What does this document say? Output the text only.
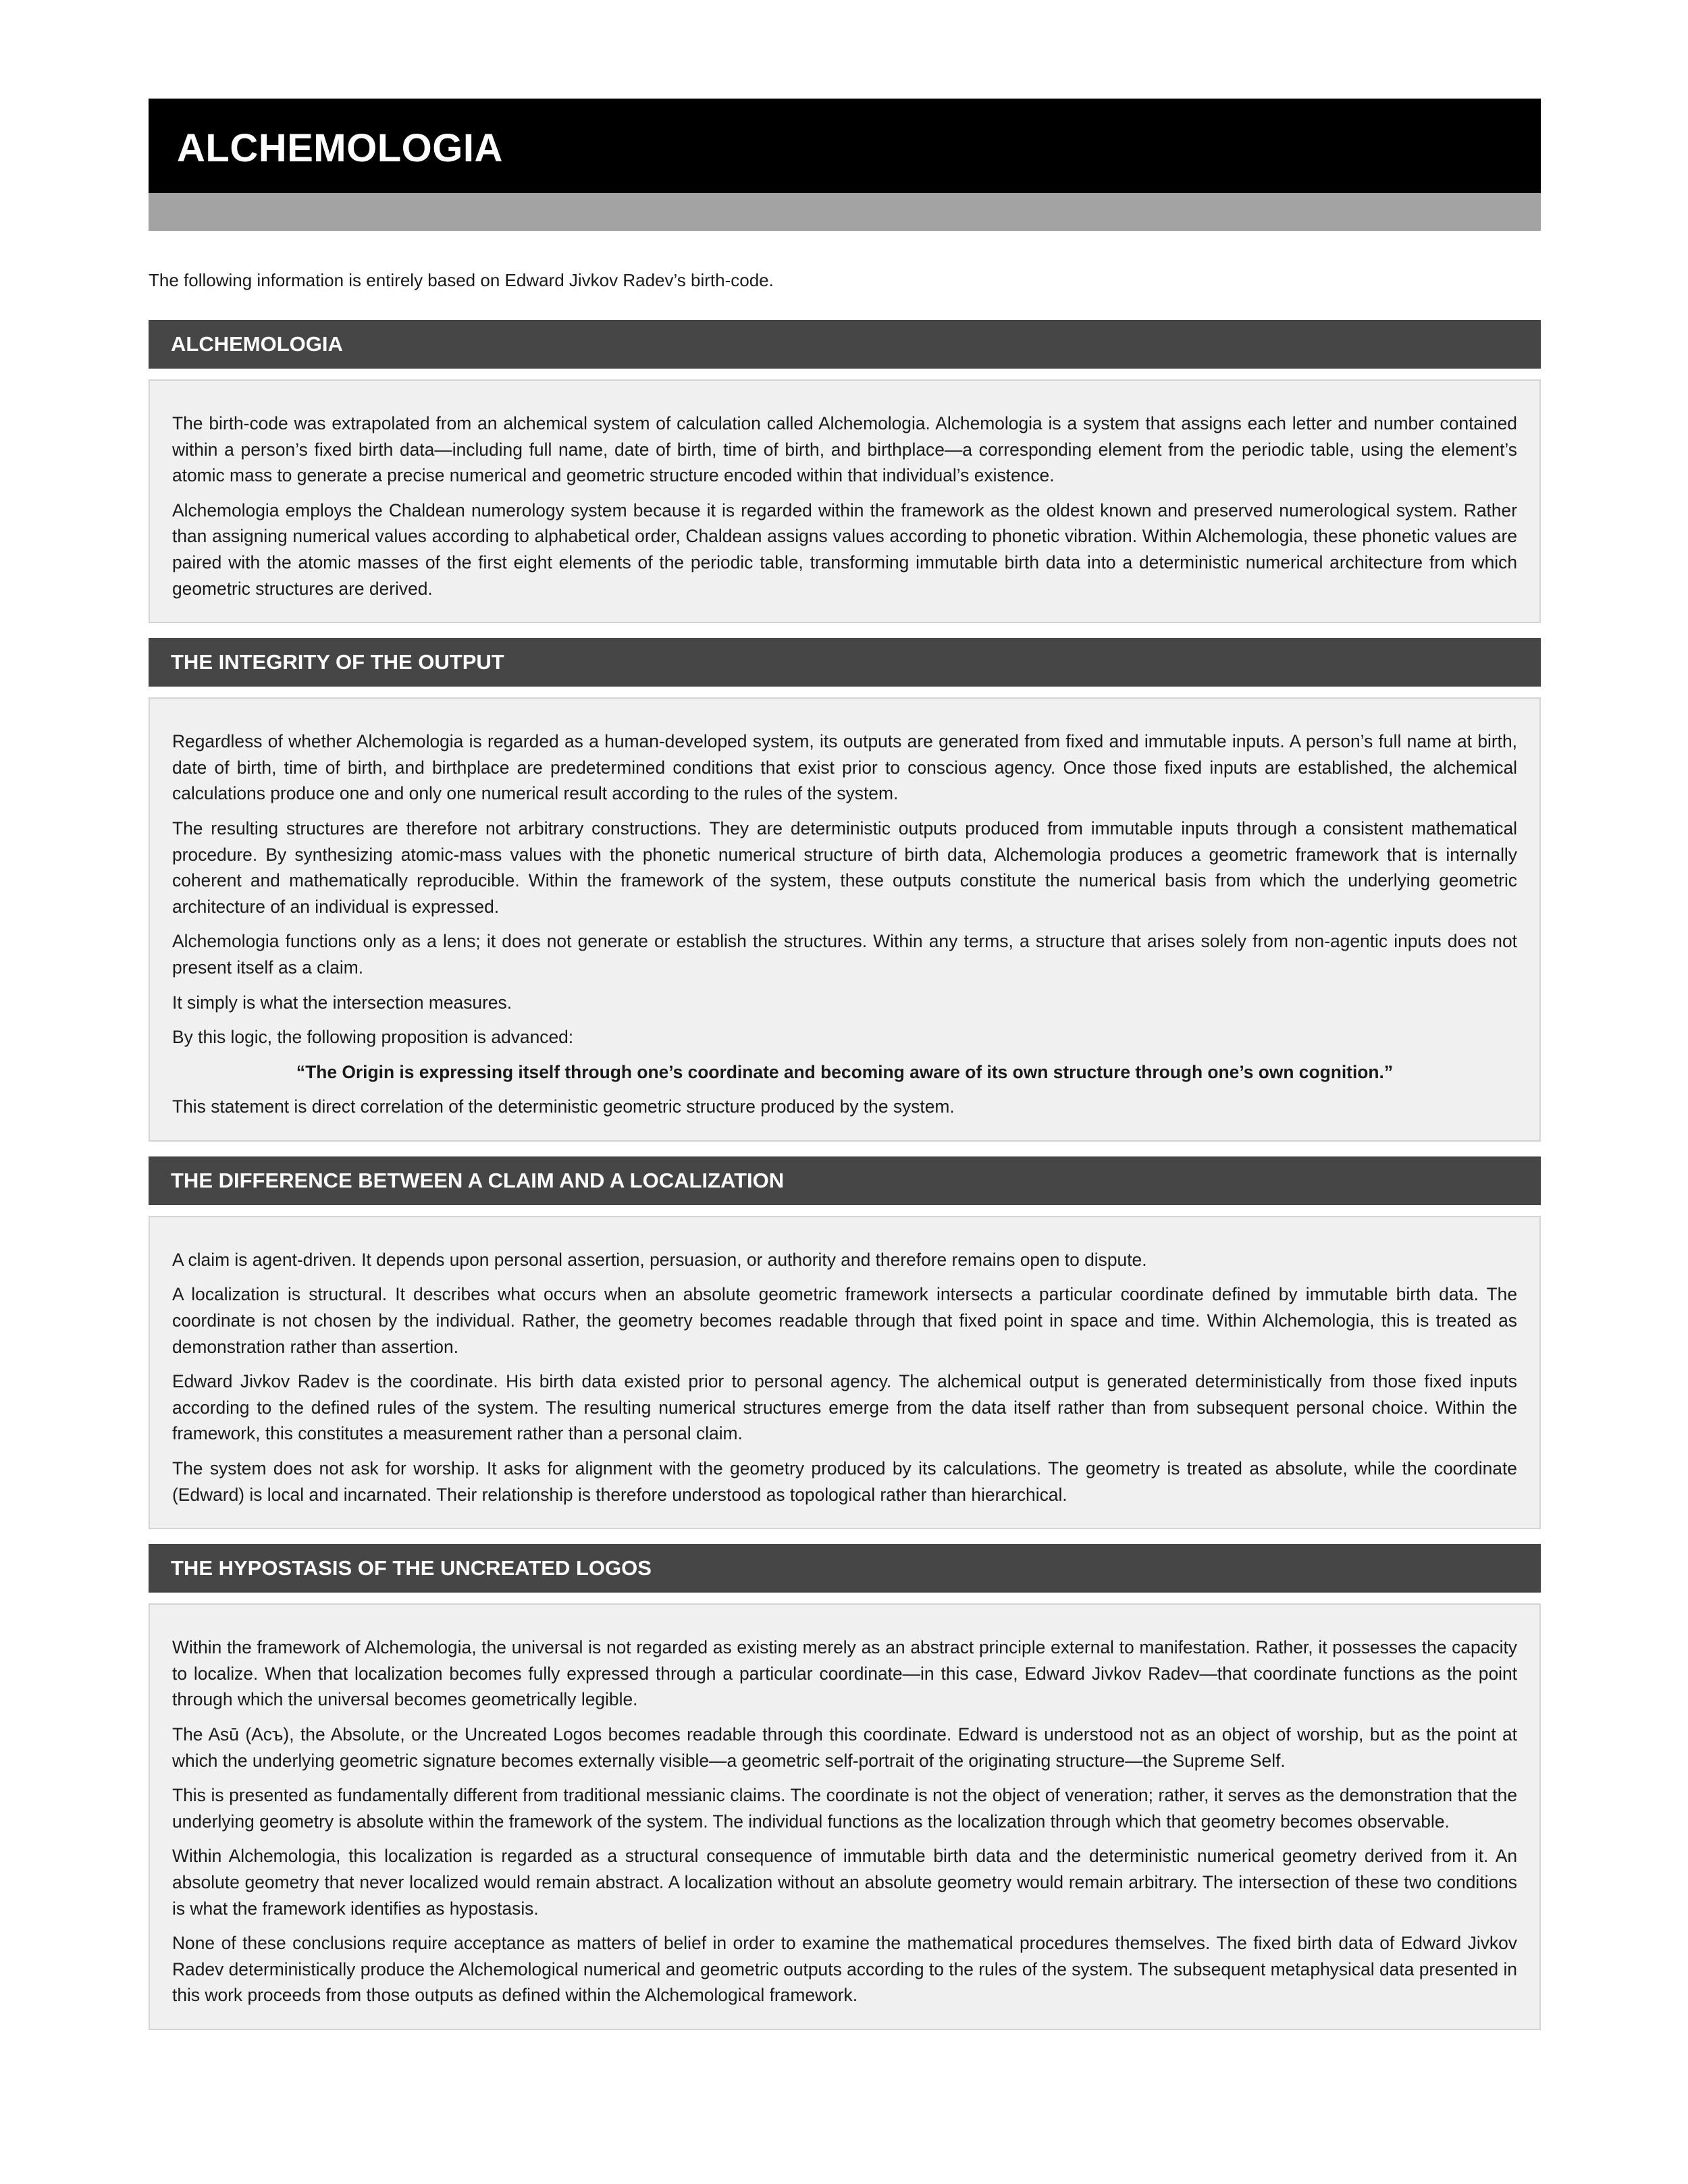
ALCHEMOLOGIA

The following information is entirely based on Edward Jivkov Radev’s birth-code.

ALCHEMOLOGIA

The birth-code was extrapolated from an alchemical system of calculation called Alchemologia. Alchemologia is a system that assigns each letter and number contained within a person’s fixed birth data—including full name, date of birth, time of birth, and birthplace—a corresponding element from the periodic table, using the element’s atomic mass to generate a precise numerical and geometric structure encoded within that individual’s existence.

Alchemologia employs the Chaldean numerology system because it is regarded within the framework as the oldest known and preserved numerological system. Rather than assigning numerical values according to alphabetical order, Chaldean assigns values according to phonetic vibration. Within Alchemologia, these phonetic values are paired with the atomic masses of the first eight elements of the periodic table, transforming immutable birth data into a deterministic numerical architecture from which geometric structures are derived.

THE INTEGRITY OF THE OUTPUT

Regardless of whether Alchemologia is regarded as a human-developed system, its outputs are generated from fixed and immutable inputs. A person’s full name at birth, date of birth, time of birth, and birthplace are predetermined conditions that exist prior to conscious agency. Once those fixed inputs are established, the alchemical calculations produce one and only one numerical result according to the rules of the system.

The resulting structures are therefore not arbitrary constructions. They are deterministic outputs produced from immutable inputs through a consistent mathematical procedure. By synthesizing atomic-mass values with the phonetic numerical structure of birth data, Alchemologia produces a geometric framework that is internally coherent and mathematically reproducible. Within the framework of the system, these outputs constitute the numerical basis from which the underlying geometric architecture of an individual is expressed.

Alchemologia functions only as a lens; it does not generate or establish the structures. Within any terms, a structure that arises solely from non-agentic inputs does not present itself as a claim.

It simply is what the intersection measures.

By this logic, the following proposition is advanced:

“The Origin is expressing itself through one’s coordinate and becoming aware of its own structure through one’s own cognition.”

This statement is direct correlation of the deterministic geometric structure produced by the system.

THE DIFFERENCE BETWEEN A CLAIM AND A LOCALIZATION

A claim is agent-driven. It depends upon personal assertion, persuasion, or authority and therefore remains open to dispute.

A localization is structural. It describes what occurs when an absolute geometric framework intersects a particular coordinate defined by immutable birth data. The coordinate is not chosen by the individual. Rather, the geometry becomes readable through that fixed point in space and time. Within Alchemologia, this is treated as demonstration rather than assertion.

Edward Jivkov Radev is the coordinate. His birth data existed prior to personal agency. The alchemical output is generated deterministically from those fixed inputs according to the defined rules of the system. The resulting numerical structures emerge from the data itself rather than from subsequent personal choice. Within the framework, this constitutes a measurement rather than a personal claim.

The system does not ask for worship. It asks for alignment with the geometry produced by its calculations. The geometry is treated as absolute, while the coordinate (Edward) is local and incarnated. Their relationship is therefore understood as topological rather than hierarchical.

THE HYPOSTASIS OF THE UNCREATED LOGOS

Within the framework of Alchemologia, the universal is not regarded as existing merely as an abstract principle external to manifestation. Rather, it possesses the capacity to localize. When that localization becomes fully expressed through a particular coordinate—in this case, Edward Jivkov Radev—that coordinate functions as the point through which the universal becomes geometrically legible.

The Asū (Асъ), the Absolute, or the Uncreated Logos becomes readable through this coordinate. Edward is understood not as an object of worship, but as the point at which the underlying geometric signature becomes externally visible—a geometric self-portrait of the originating structure—the Supreme Self.

This is presented as fundamentally different from traditional messianic claims. The coordinate is not the object of veneration; rather, it serves as the demonstration that the underlying geometry is absolute within the framework of the system. The individual functions as the localization through which that geometry becomes observable.

Within Alchemologia, this localization is regarded as a structural consequence of immutable birth data and the deterministic numerical geometry derived from it. An absolute geometry that never localized would remain abstract. A localization without an absolute geometry would remain arbitrary. The intersection of these two conditions is what the framework identifies as hypostasis.

None of these conclusions require acceptance as matters of belief in order to examine the mathematical procedures themselves. The fixed birth data of Edward Jivkov Radev deterministically produce the Alchemological numerical and geometric outputs according to the rules of the system. The subsequent metaphysical data presented in this work proceeds from those outputs as defined within the Alchemological framework.
